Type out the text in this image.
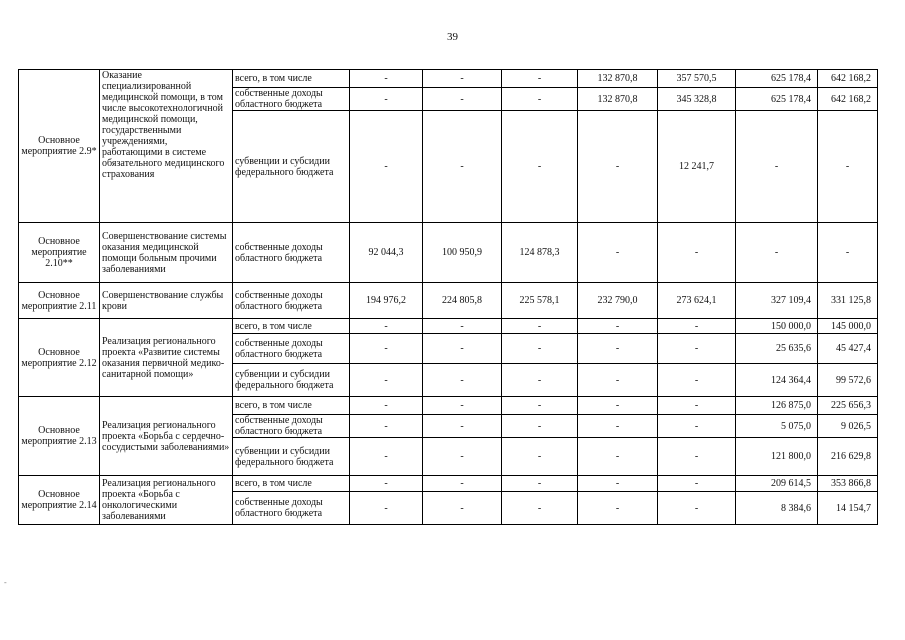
39
Основное мероприятие 2.9*	Оказание специализированной медицинской помощи, в том числе высокотехнологичной медицинской помощи, государственными учреждениями, работающими в системе обязательного медицинского страхования	всего, в том числе	-	-	-	132 870,8	357 570,5	625 178,4	642 168,2
		собственные доходы областного бюджета	-	-	-	132 870,8	345 328,8	625 178,4	642 168,2
		субвенции и субсидии федерального бюджета	-	-	-	-	12 241,7	-	-
Основное мероприятие 2.10**	Совершенствование системы оказания медицинской помощи больным прочими заболеваниями	собственные доходы областного бюджета	92 044,3	100 950,9	124 878,3	-	-	-	-
Основное мероприятие 2.11	Совершенствование службы крови	собственные доходы областного бюджета	194 976,2	224 805,8	225 578,1	232 790,0	273 624,1	327 109,4	331 125,8
Основное мероприятие 2.12	Реализация регионального проекта «Развитие системы оказания первичной медико-санитарной помощи»	всего, в том числе	-	-	-	-	-	150 000,0	145 000,0
		собственные доходы областного бюджета	-	-	-	-	-	25 635,6	45 427,4
		субвенции и субсидии федерального бюджета	-	-	-	-	-	124 364,4	99 572,6
Основное мероприятие 2.13	Реализация регионального проекта «Борьба с сердечно-сосудистыми заболеваниями»	всего, в том числе	-	-	-	-	-	126 875,0	225 656,3
		собственные доходы областного бюджета	-	-	-	-	-	5 075,0	9 026,5
		субвенции и субсидии федерального бюджета	-	-	-	-	-	121 800,0	216 629,8
Основное мероприятие 2.14	Реализация регионального проекта «Борьба с онкологическими заболеваниями	всего, в том числе	-	-	-	-	-	209 614,5	353 866,8
		собственные доходы областного бюджета	-	-	-	-	-	8 384,6	14 154,7
-
